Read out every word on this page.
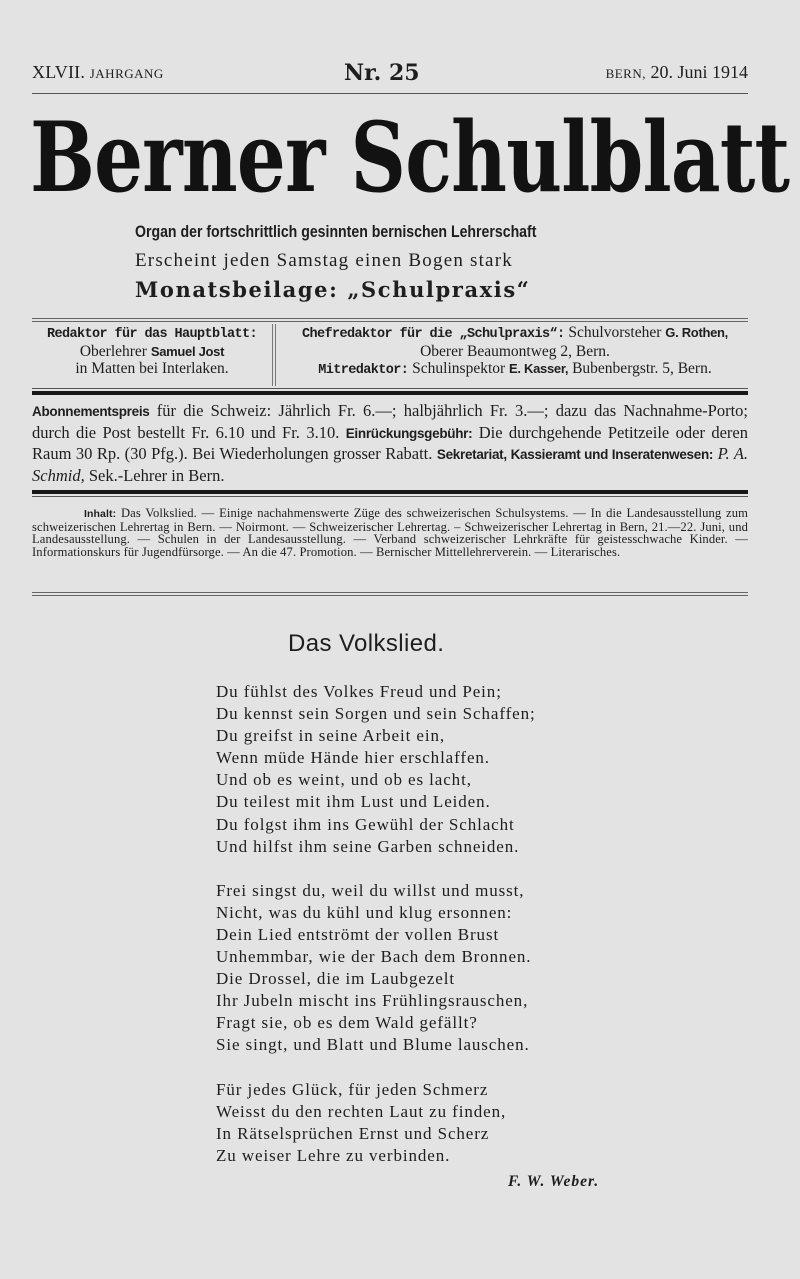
XLVII. JAHRGANG	Nr. 25	BERN, 20. Juni 1914
Berner Schulblatt
Organ der fortschrittlich gesinnten bernischen Lehrerschaft
Erscheint jeden Samstag einen Bogen stark
Monatsbeilage: „Schulpraxis“
Redaktor für das Hauptblatt:
Oberlehrer Samuel Jost
in Matten bei Interlaken.
Chefredaktor für die „Schulpraxis“: Schulvorsteher G. Rothen,
Oberer Beaumontweg 2, Bern.
Mitredaktor: Schulinspektor E. Kasser, Bubenbergstr. 5, Bern.

Abonnementspreis für die Schweiz: Jährlich Fr. 6.—; halbjährlich Fr. 3.—; dazu das Nachnahme-Porto; durch die Post bestellt Fr. 6.10 und Fr. 3.10. Einrückungsgebühr: Die durchgehende Petitzeile oder deren Raum 30 Rp. (30 Pfg.). Bei Wiederholungen grosser Rabatt. Sekretariat, Kassieramt und Inseratenwesen: P. A. Schmid, Sek.-Lehrer in Bern.

Inhalt: Das Volkslied. — Einige nachahmenswerte Züge des schweizerischen Schulsystems. — In die Landesausstellung zum schweizerischen Lehrertag in Bern. — Noirmont. — Schweizerischer Lehrertag. – Schweizerischer Lehrertag in Bern, 21.—22. Juni, und Landesausstellung. — Schulen in der Landesausstellung. — Verband schweizerischer Lehrkräfte für geistesschwache Kinder. — Informationskurs für Jugendfürsorge. — An die 47. Promotion. — Bernischer Mittellehrerverein. — Literarisches.
Das Volkslied.
Du fühlst des Volkes Freud und Pein;
Du kennst sein Sorgen und sein Schaffen;
Du greifst in seine Arbeit ein,
Wenn müde Hände hier erschlaffen.
Und ob es weint, und ob es lacht,
Du teilest mit ihm Lust und Leiden.
Du folgst ihm ins Gewühl der Schlacht
Und hilfst ihm seine Garben schneiden.
Frei singst du, weil du willst und musst,
Nicht, was du kühl und klug ersonnen:
Dein Lied entströmt der vollen Brust
Unhemmbar, wie der Bach dem Bronnen.
Die Drossel, die im Laubgezelt
Ihr Jubeln mischt ins Frühlingsrauschen,
Fragt sie, ob es dem Wald gefällt?
Sie singt, und Blatt und Blume lauschen.
Für jedes Glück, für jeden Schmerz
Weisst du den rechten Laut zu finden,
In Rätselsprüchen Ernst und Scherz
Zu weiser Lehre zu verbinden.
F. W. Weber.
